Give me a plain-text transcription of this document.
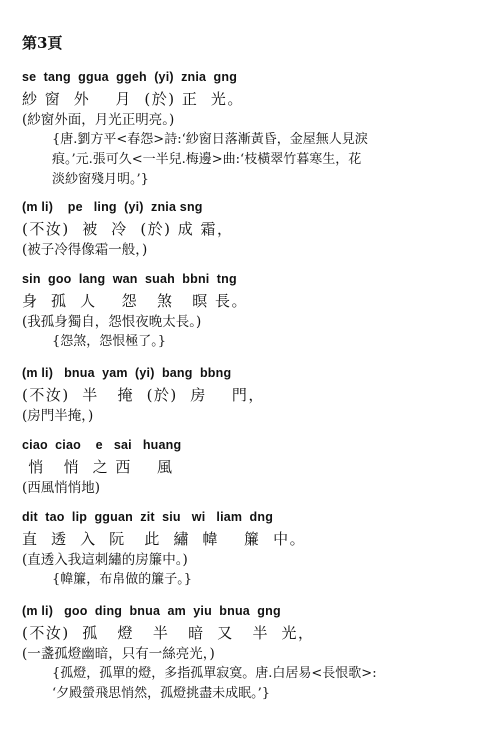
第3頁
se  tang  ggua  ggeh  (yi)  znia  gng
紗 窗  外    月  (於) 正  光。
(紗窗外面，月光正明亮。)
{唐.劉方平<春怨>詩:‘紗窗日落漸黃昏，金屋無人見淚
痕。’元.張可久<一半兒.梅邊>曲:‘枝橫翠竹暮寒生，花
淡紗窗殘月明。’}
(m li)    pe   ling  (yi)  znia sng
(不汝)  被  冷  (於) 成 霜，
(被子冷得像霜一般，)
sin  goo  lang  wan  suah  bbni  tng
身  孤  人    怨   煞   暝 長。
(我孤身獨自，怨恨夜晚太長。)
{怨煞，怨恨極了。}
(m li)   bnua  yam  (yi)  bang  bbng
(不汝)  半   掩  (於)  房    門，
(房門半掩，)
ciao  ciao    e   sai   huang
悄   悄  之 西    風
(西風悄悄地)
dit  tao  lip  gguan  zit  siu   wi   liam  dng
直  透  入  阮   此  繡  幃    簾  中。
(直透入我這刺繡的房簾中。)
{幃簾，布帛做的簾子。}
(m li)   goo  ding  bnua  am  yiu  bnua  gng
(不汝)  孤   燈   半   暗  又   半  光，
(一盞孤燈幽暗，只有一絲亮光，)
{孤燈，孤單的燈，多指孤單寂寞。唐.白居易<長恨歌>:
‘夕殿螢飛思悄然，孤燈挑盡未成眠。’}
